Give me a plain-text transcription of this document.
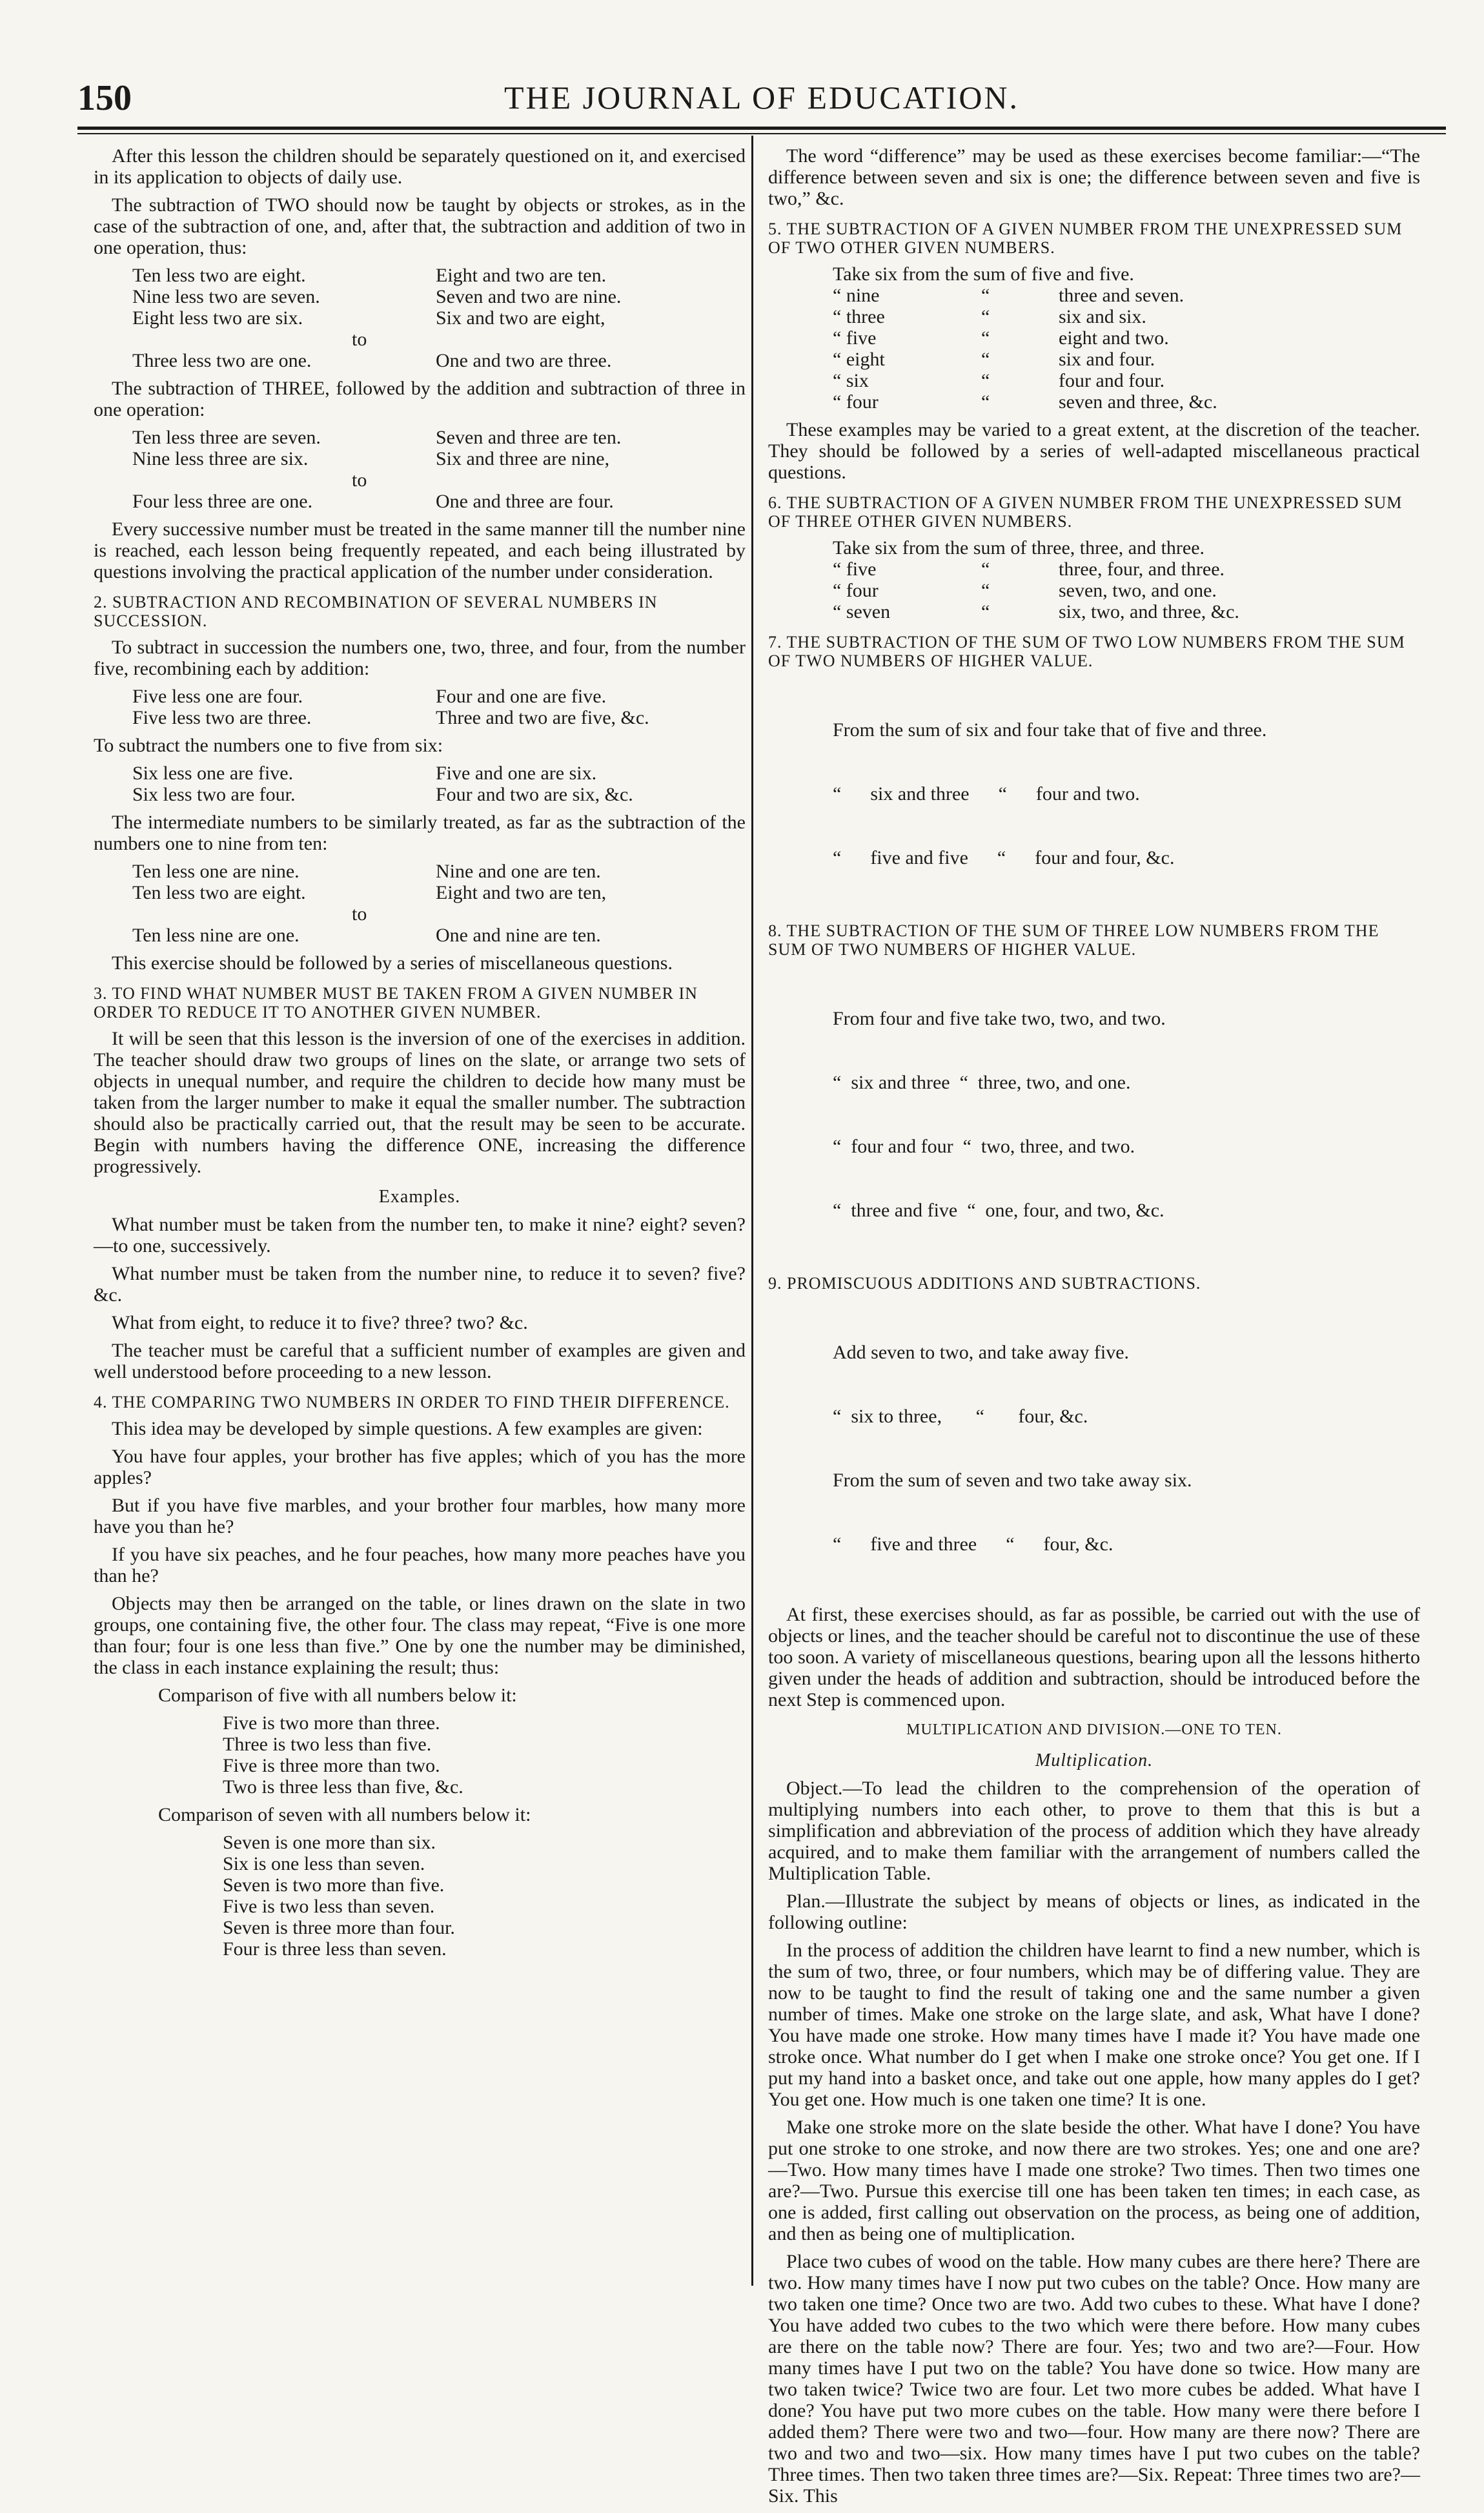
150	THE JOURNAL OF EDUCATION.

After this lesson the children should be separately questioned on it, and exercised in its application to objects of daily use.

The subtraction of TWO should now be taught by objects or strokes, as in the case of the subtraction of one, and, after that, the subtraction and addition of two in one operation, thus:

Ten less two are eight.	Eight and two are ten.
Nine less two are seven.	Seven and two are nine.
Eight less two are six.	Six and two are eight,
to
Three less two are one.	One and two are three.

The subtraction of THREE, followed by the addition and subtraction of three in one operation:

Ten less three are seven.	Seven and three are ten.
Nine less three are six.	Six and three are nine,
to
Four less three are one.	One and three are four.

Every successive number must be treated in the same manner till the number nine is reached, each lesson being frequently repeated, and each being illustrated by questions involving the practical application of the number under consideration.

2. SUBTRACTION AND RECOMBINATION OF SEVERAL NUMBERS IN SUCCESSION.

To subtract in succession the numbers one, two, three, and four, from the number five, recombining each by addition:

Five less one are four.	Four and one are five.
Five less two are three.	Three and two are five, &c.

To subtract the numbers one to five from six:

Six less one are five.	Five and one are six.
Six less two are four.	Four and two are six, &c.

The intermediate numbers to be similarly treated, as far as the subtraction of the numbers one to nine from ten:

Ten less one are nine.	Nine and one are ten.
Ten less two are eight.	Eight and two are ten,
to
Ten less nine are one.	One and nine are ten.

This exercise should be followed by a series of miscellaneous questions.

3. TO FIND WHAT NUMBER MUST BE TAKEN FROM A GIVEN NUMBER IN ORDER TO REDUCE IT TO ANOTHER GIVEN NUMBER.

It will be seen that this lesson is the inversion of one of the exercises in addition. The teacher should draw two groups of lines on the slate, or arrange two sets of objects in unequal number, and require the children to decide how many must be taken from the larger number to make it equal the smaller number. The subtraction should also be practically carried out, that the result may be seen to be accurate. Begin with numbers having the difference ONE, increasing the difference progressively.

Examples.

What number must be taken from the number ten, to make it nine? eight? seven?—to one, successively.

What number must be taken from the number nine, to reduce it to seven? five? &c.

What from eight, to reduce it to five? three? two? &c.

The teacher must be careful that a sufficient number of examples are given and well understood before proceeding to a new lesson.

4. THE COMPARING TWO NUMBERS IN ORDER TO FIND THEIR DIFFERENCE.

This idea may be developed by simple questions. A few examples are given:

You have four apples, your brother has five apples; which of you has the more apples?

But if you have five marbles, and your brother four marbles, how many more have you than he?

If you have six peaches, and he four peaches, how many more peaches have you than he?

Objects may then be arranged on the table, or lines drawn on the slate in two groups, one containing five, the other four. The class may repeat, “Five is one more than four; four is one less than five.” One by one the number may be diminished, the class in each instance explaining the result; thus:

Comparison of five with all numbers below it:
Five is two more than three.
Three is two less than five.
Five is three more than two.
Two is three less than five, &c.
Comparison of seven with all numbers below it:
Seven is one more than six.
Six is one less than seven.
Seven is two more than five.
Five is two less than seven.
Seven is three more than four.
Four is three less than seven.

The word “difference” may be used as these exercises become familiar:—“The difference between seven and six is one; the difference between seven and five is two,” &c.

5. THE SUBTRACTION OF A GIVEN NUMBER FROM THE UNEXPRESSED SUM OF TWO OTHER GIVEN NUMBERS.
Take six from the sum of five and five.
“ nine	“	three and seven.
“ three	“	six and six.
“ five	“	eight and two.
“ eight	“	six and four.
“ six	“	four and four.
“ four	“	seven and three, &c.

These examples may be varied to a great extent, at the discretion of the teacher. They should be followed by a series of well-adapted miscellaneous practical questions.

6. THE SUBTRACTION OF A GIVEN NUMBER FROM THE UNEXPRESSED SUM OF THREE OTHER GIVEN NUMBERS.
Take six from the sum of three, three, and three.
“ five	“	three, four, and three.
“ four	“	seven, two, and one.
“ seven	“	six, two, and three, &c.
7. THE SUBTRACTION OF THE SUM OF TWO LOW NUMBERS FROM THE SUM OF TWO NUMBERS OF HIGHER VALUE.

From the sum of six and four take that of five and three.

“      six and three      “      four and two.

“      five and five      “      four and four, &c.

8. THE SUBTRACTION OF THE SUM OF THREE LOW NUMBERS FROM THE SUM OF TWO NUMBERS OF HIGHER VALUE.

From four and five take two, two, and two.

“  six and three  “  three, two, and one.

“  four and four  “  two, three, and two.

“  three and five  “  one, four, and two, &c.

9. PROMISCUOUS ADDITIONS AND SUBTRACTIONS.

Add seven to two, and take away five.

“  six to three,       “       four, &c.

From the sum of seven and two take away six.

“      five and three      “      four, &c.

At first, these exercises should, as far as possible, be carried out with the use of objects or lines, and the teacher should be careful not to discontinue the use of these too soon. A variety of miscellaneous questions, bearing upon all the lessons hitherto given under the heads of addition and subtraction, should be introduced before the next Step is commenced upon.

MULTIPLICATION AND DIVISION.—ONE TO TEN.
Multiplication.

Object.—To lead the children to the comprehension of the operation of multiplying numbers into each other, to prove to them that this is but a simplification and abbreviation of the process of addition which they have already acquired, and to make them familiar with the arrangement of numbers called the Multiplication Table.

Plan.—Illustrate the subject by means of objects or lines, as indicated in the following outline:

In the process of addition the children have learnt to find a new number, which is the sum of two, three, or four numbers, which may be of differing value. They are now to be taught to find the result of taking one and the same number a given number of times. Make one stroke on the large slate, and ask, What have I done? You have made one stroke. How many times have I made it? You have made one stroke once. What number do I get when I make one stroke once? You get one. If I put my hand into a basket once, and take out one apple, how many apples do I get? You get one. How much is one taken one time? It is one.

Make one stroke more on the slate beside the other. What have I done? You have put one stroke to one stroke, and now there are two strokes. Yes; one and one are?—Two. How many times have I made one stroke? Two times. Then two times one are?—Two. Pursue this exercise till one has been taken ten times; in each case, as one is added, first calling out observation on the process, as being one of addition, and then as being one of multiplication.

Place two cubes of wood on the table. How many cubes are there here? There are two. How many times have I now put two cubes on the table? Once. How many are two taken one time? Once two are two. Add two cubes to these. What have I done? You have added two cubes to the two which were there before. How many cubes are there on the table now? There are four. Yes; two and two are?—Four. How many times have I put two on the table? You have done so twice. How many are two taken twice? Twice two are four. Let two more cubes be added. What have I done? You have put two more cubes on the table. How many were there before I added them? There were two and two—four. How many are there now? There are two and two and two—six. How many times have I put two cubes on the table? Three times. Then two taken three times are?—Six. Repeat: Three times two are?—Six. This
